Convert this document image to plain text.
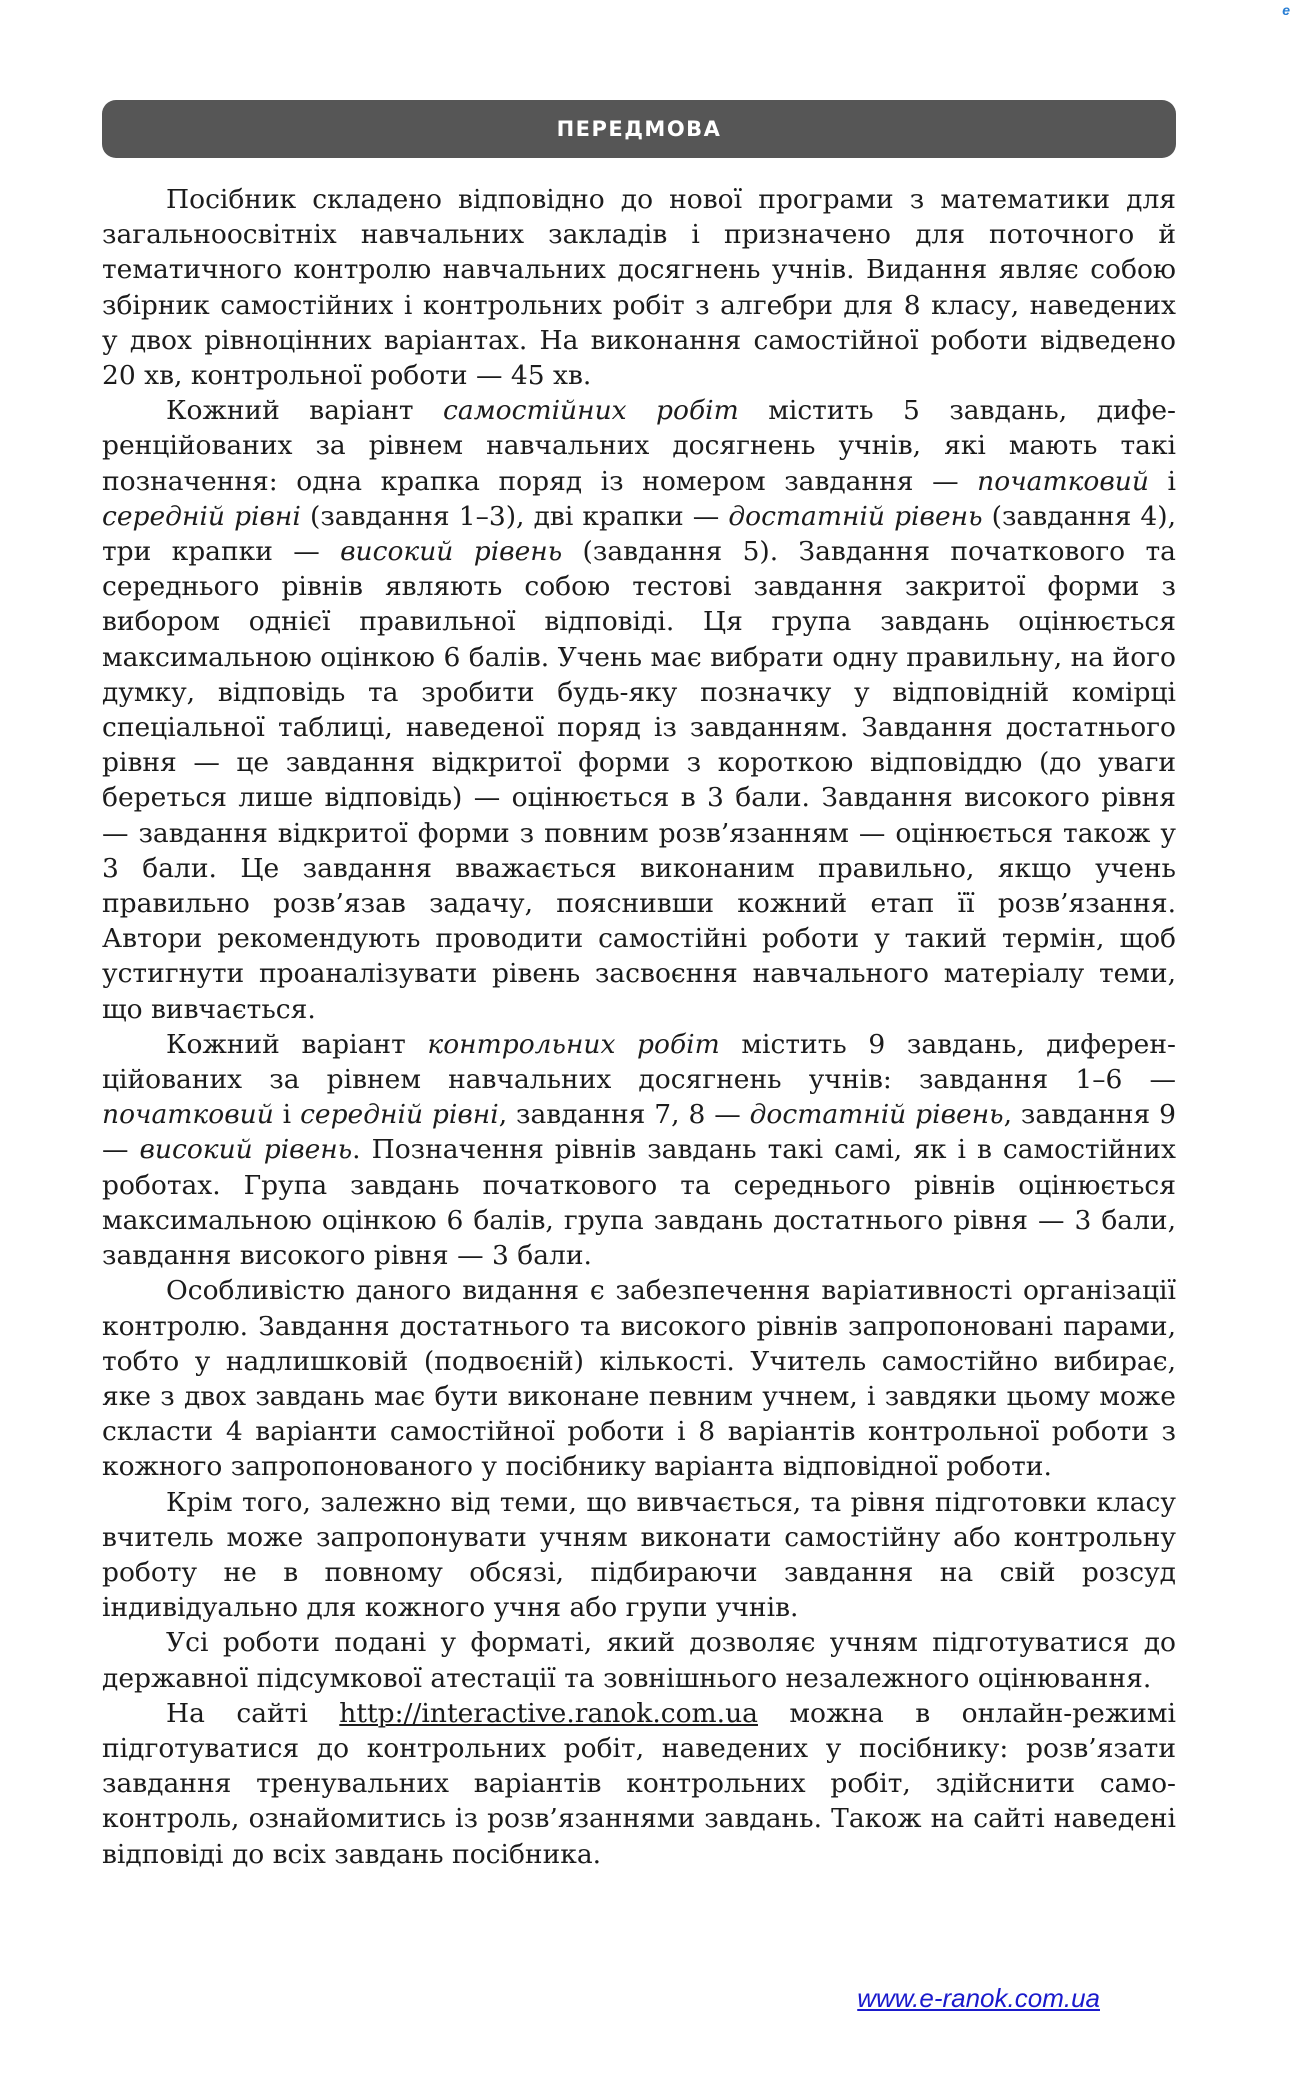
e
ПЕРЕДМОВА

Посібник складено відповідно до нової програми з математики для загальноосвітніх навчальних закладів і призначено для поточного й тематичного контролю навчальних досягнень учнів. Видання являє собою збірник самостійних і контрольних робіт з алгебри для 8 класу, наведених у двох рівноцінних варіантах. На виконання самостійної роботи відведено 20 хв, контрольної роботи — 45 хв.

Кожний варіант самостійних робіт містить 5 завдань, диференційованих за рівнем навчальних досягнень учнів, які мають такі позначення: одна крапка поряд із номером завдання — початковий і середній рівні (завдання 1–3), дві крапки — достатній рівень (завдання 4), три крапки — високий рівень (завдання 5). Завдання початкового та середнього рівнів являють собою тестові завдання закритої форми з вибором однієї правильної відповіді. Ця група завдань оцінюється максимальною оцінкою 6 балів. Учень має вибрати одну правильну, на його думку, відповідь та зробити будь-яку позначку у відповідній комірці спеціальної таблиці, наведеної поряд із завданням. Завдання достатнього рівня — це завдання відкритої форми з короткою відповіддю (до уваги береться лише відповідь) — оцінюється в 3 бали. Завдання високого рівня — завдання відкритої форми з повним розв’язанням — оцінюється також у 3 бали. Це завдання вважається виконаним правильно, якщо учень правильно розв’язав задачу, пояснивши кожний етап її розв’язання. Автори рекомендують проводити самостійні роботи у такий термін, щоб устигнути проаналізувати рівень засвоєння навчального матеріалу теми, що вивчається.

Кожний варіант контрольних робіт містить 9 завдань, диференційованих за рівнем навчальних досягнень учнів: завдання 1–6 — початковий і середній рівні, завдання 7, 8 — достатній рівень, завдання 9 — високий рівень. Позначення рівнів завдань такі самі, як і в самостійних роботах. Група завдань початкового та середнього рівнів оцінюється максимальною оцінкою 6 балів, група завдань достатнього рівня — 3 бали, завдання високого рівня — 3 бали.

Особливістю даного видання є забезпечення варіативності організації контролю. Завдання достатнього та високого рівнів запропоновані парами, тобто у надлишковій (подвоєній) кількості. Учитель самостійно вибирає, яке з двох завдань має бути виконане певним учнем, і завдяки цьому може скласти 4 варіанти самостійної роботи і 8 варіантів контрольної роботи з кожного запропонованого у посібнику варіанта відповідної роботи.

Крім того, залежно від теми, що вивчається, та рівня підготовки класу вчитель може запропонувати учням виконати самостійну або контрольну роботу не в повному обсязі, підбираючи завдання на свій розсуд індивідуально для кожного учня або групи учнів.

Усі роботи подані у форматі, який дозволяє учням підготуватися до державної підсумкової атестації та зовнішнього незалежного оцінювання.

На сайті http://interactive.ranok.com.ua можна в онлайн-режимі підготуватися до контрольних робіт, наведених у посібнику: розв’язати завдання тренувальних варіантів контрольних робіт, здійснити самоконтроль, ознайомитись із розв’язаннями завдань. Також на сайті наведені відповіді до всіх завдань посібника.

www.e-ranok.com.ua
